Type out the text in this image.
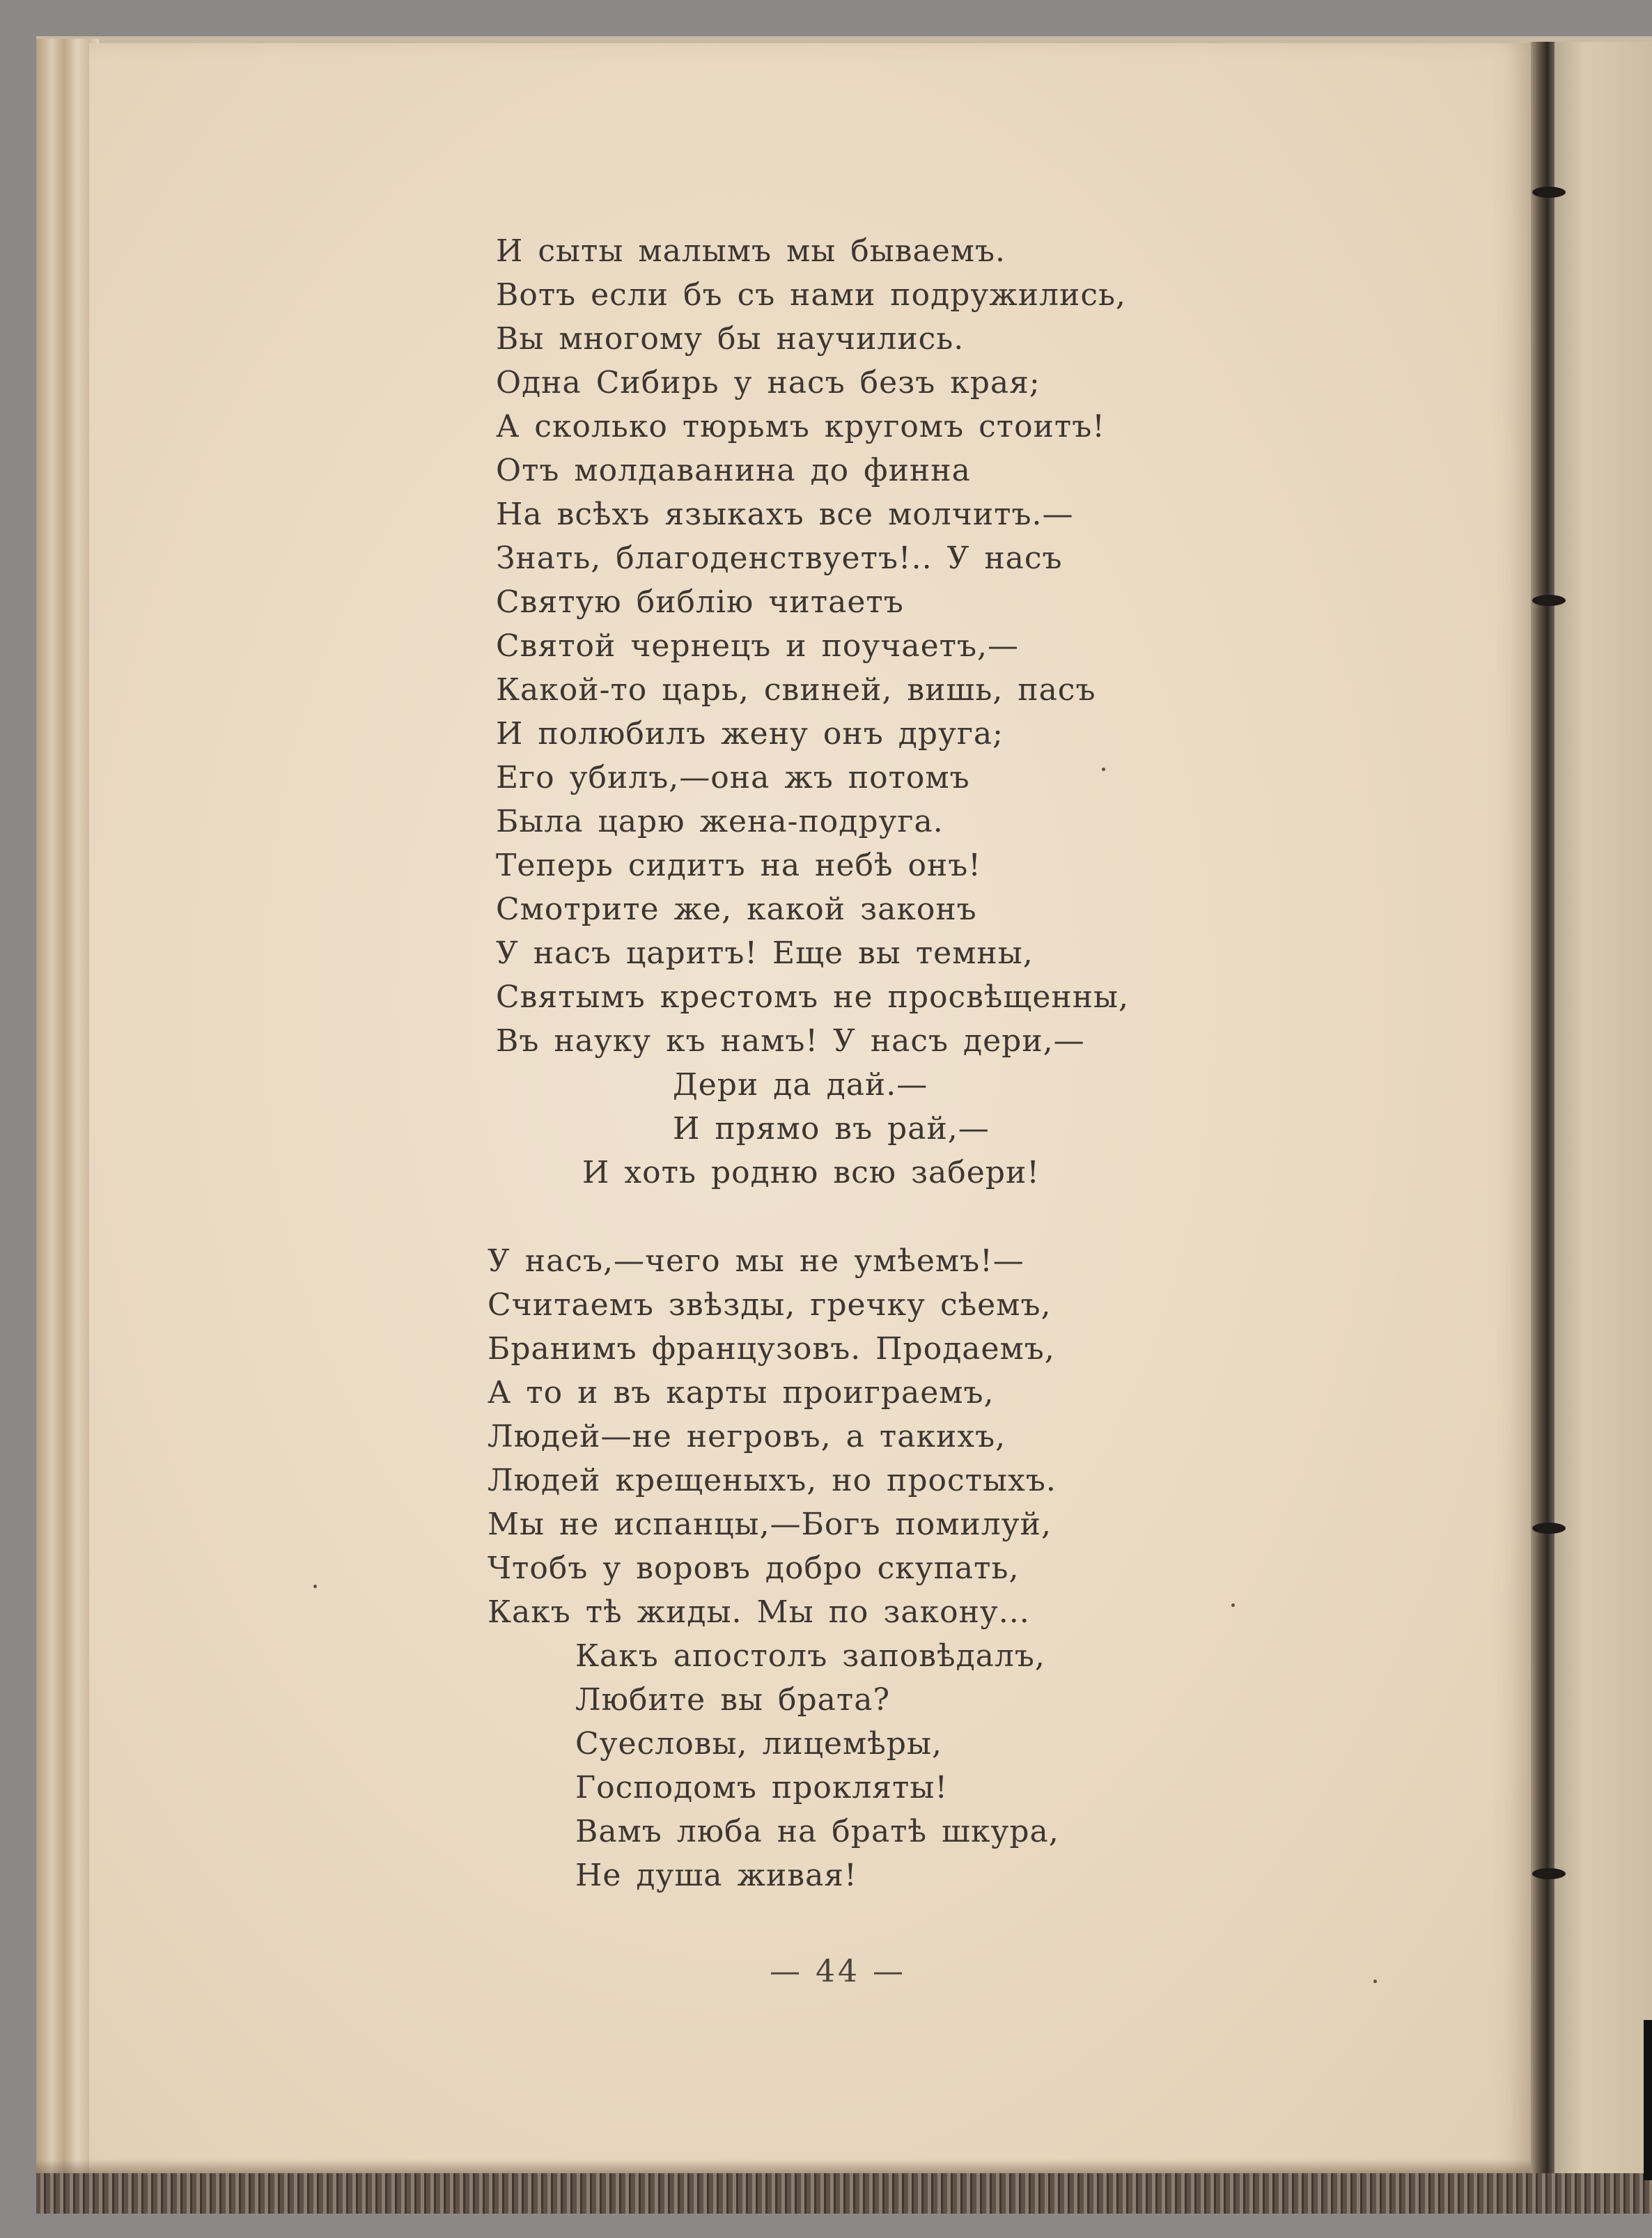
И сыты малымъ мы бываемъ.
Вотъ если бъ съ нами подружились,
Вы многому бы научились.
Одна Сибирь у насъ безъ края;
А сколько тюрьмъ кругомъ стоитъ!
Отъ молдаванина до финна
На всѣхъ языкахъ все молчитъ.—
Знать, благоденствуетъ!.. У насъ
Святую библію читаетъ
Святой чернецъ и поучаетъ,—
Какой-то царь, свиней, вишь, пасъ
И полюбилъ жену онъ друга;
Его убилъ,—она жъ потомъ
Была царю жена-подруга.
Теперь сидитъ на небѣ онъ!
Смотрите же, какой законъ
У насъ царитъ! Еще вы темны,
Святымъ крестомъ не просвѣщенны,
Въ науку къ намъ! У насъ дери,—
Дери да дай.—
И прямо въ рай,—
И хоть родню всю забери!
У насъ,—чего мы не умѣемъ!—
Считаемъ звѣзды, гречку сѣемъ,
Бранимъ французовъ. Продаемъ,
А то и въ карты проиграемъ,
Людей—не негровъ, а такихъ,
Людей крещеныхъ, но простыхъ.
Мы не испанцы,—Богъ помилуй,
Чтобъ у воровъ добро скупать,
Какъ тѣ жиды. Мы по закону...
Какъ апостолъ заповѣдалъ,
Любите вы брата?
Суесловы, лицемѣры,
Господомъ прокляты!
Вамъ люба на братѣ шкура,
Не душа живая!
— 44 —
